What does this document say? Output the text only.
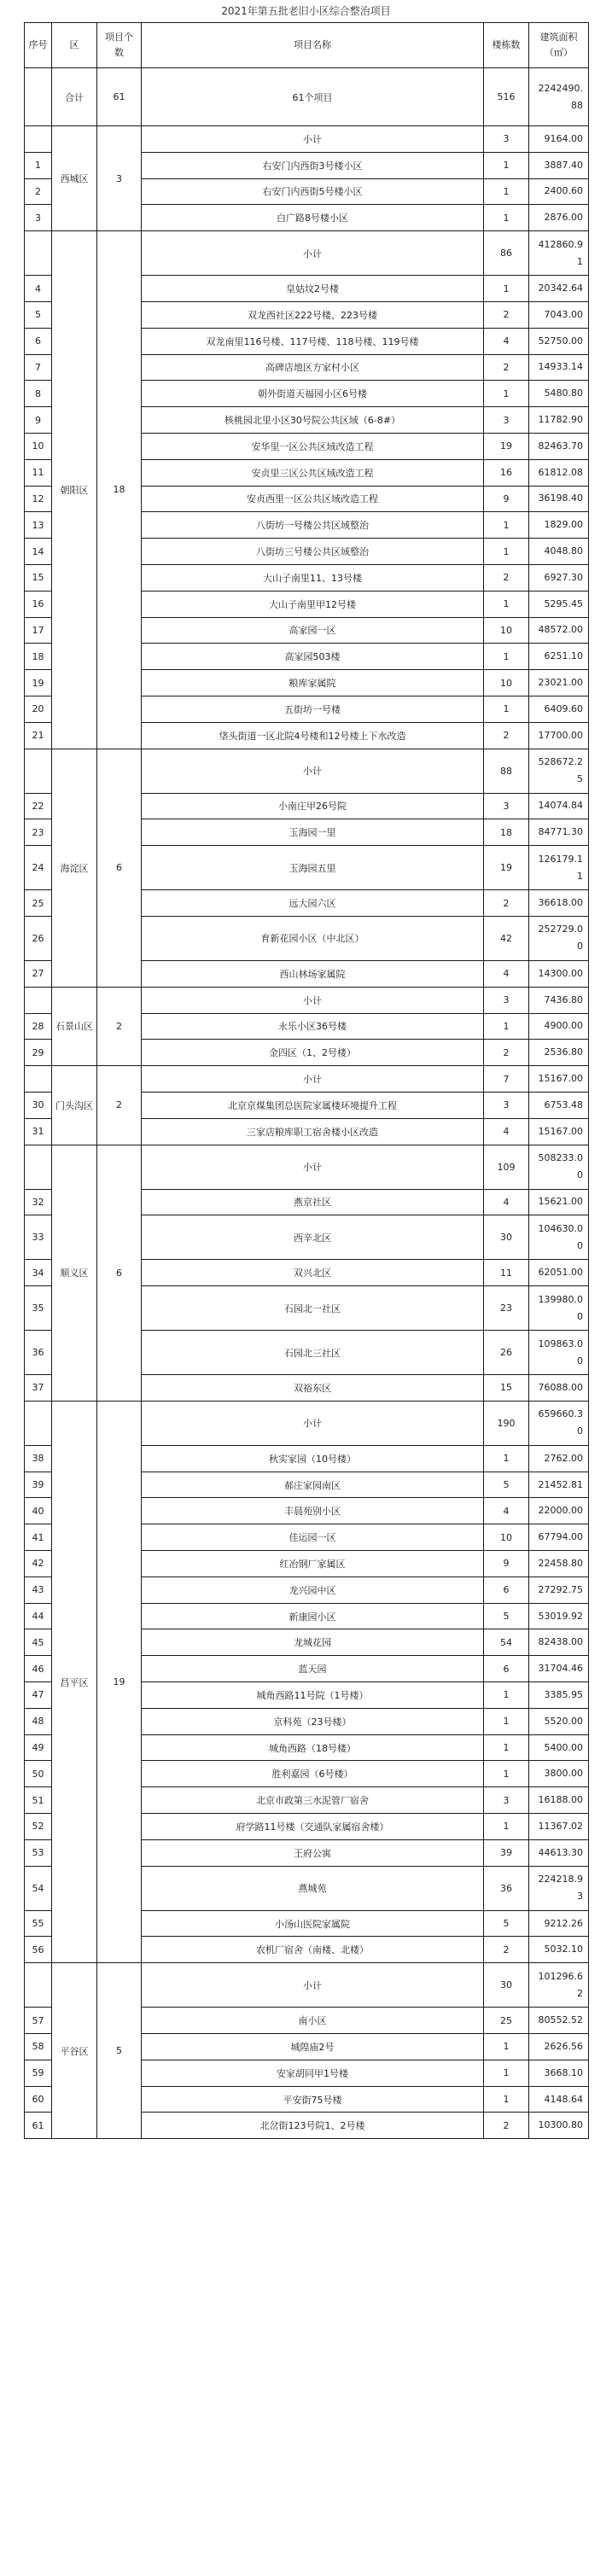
2021年第五批老旧小区综合整治项目
序号	区	项目个数	项目名称	楼栋数	建筑面积（㎡）
	合计	61	61个项目	516	2242490.88
	西城区	3	小计	3	9164.00
1			右安门内西街3号楼小区	1	3887.40
2			右安门内西街5号楼小区	1	2400.60
3			白广路8号楼小区	1	2876.00
	朝阳区	18	小计	86	412860.91
4			皇姑坟2号楼	1	20342.64
5			双龙西社区222号楼、223号楼	2	7043.00
6			双龙南里116号楼、117号楼、118号楼、119号楼	4	52750.00
7			高碑店地区方家村小区	2	14933.14
8			朝外街道天福园小区6号楼	1	5480.80
9			核桃园北里小区30号院公共区域（6-8#）	3	11782.90
10			安华里一区公共区域改造工程	19	82463.70
11			安贞里三区公共区域改造工程	16	61812.08
12			安贞西里一区公共区域改造工程	9	36198.40
13			八街坊一号楼公共区域整治	1	1829.00
14			八街坊三号楼公共区域整治	1	4048.80
15			大山子南里11、13号楼	2	6927.30
16			大山子南里甲12号楼	1	5295.45
17			高家园一区	10	48572.00
18			高家园503楼	1	6251.10
19			粮库家属院	10	23021.00
20			五街坊一号楼	1	6409.60
21			垡头街道一区北院4号楼和12号楼上下水改造	2	17700.00
	海淀区	6	小计	88	528672.25
22			小南庄甲26号院	3	14074.84
23			玉海园一里	18	84771.30
24			玉海园五里	19	126179.11
25			远大园六区	2	36618.00
26			育新花园小区（中北区）	42	252729.00
27			西山林场家属院	4	14300.00
	石景山区	2	小计	3	7436.80
28			永乐小区36号楼	1	4900.00
29			金四区（1、2号楼）	2	2536.80
	门头沟区	2	小计	7	15167.00
30			北京京煤集团总医院家属楼环境提升工程	3	6753.48
31			三家店粮库职工宿舍楼小区改造	4	15167.00
	顺义区	6	小计	109	508233.00
32			燕京社区	4	15621.00
33			西辛北区	30	104630.00
34			双兴北区	11	62051.00
35			石园北一社区	23	139980.00
36			石园北三社区	26	109863.00
37			双裕东区	15	76088.00
	昌平区	19	小计	190	659660.30
38			秋实家园（10号楼）	1	2762.00
39			郝庄家园南区	5	21452.81
40			丰晨苑别小区	4	22000.00
41			佳运园一区	10	67794.00
42			红冶钢厂家属区	9	22458.80
43			龙兴园中区	6	27292.75
44			新康园小区	5	53019.92
45			龙城花园	54	82438.00
46			蓝天园	6	31704.46
47			城角西路11号院（1号楼）	1	3385.95
48			京科苑（23号楼）	1	5520.00
49			城角西路（18号楼）	1	5400.00
50			胜利嘉园（6号楼）	1	3800.00
51			北京市政第三水泥管厂宿舍	3	16188.00
52			府学路11号楼（交通队家属宿舍楼）	1	11367.02
53			王府公寓	39	44613.30
54			燕城苑	36	224218.93
55			小汤山医院家属院	5	9212.26
56			农机厂宿舍（南楼、北楼）	2	5032.10
	平谷区	5	小计	30	101296.62
57			南小区	25	80552.52
58			城隍庙2号	1	2626.56
59			安家胡同甲1号楼	1	3668.10
60			平安街75号楼	1	4148.64
61			北岔街123号院1、2号楼	2	10300.80
